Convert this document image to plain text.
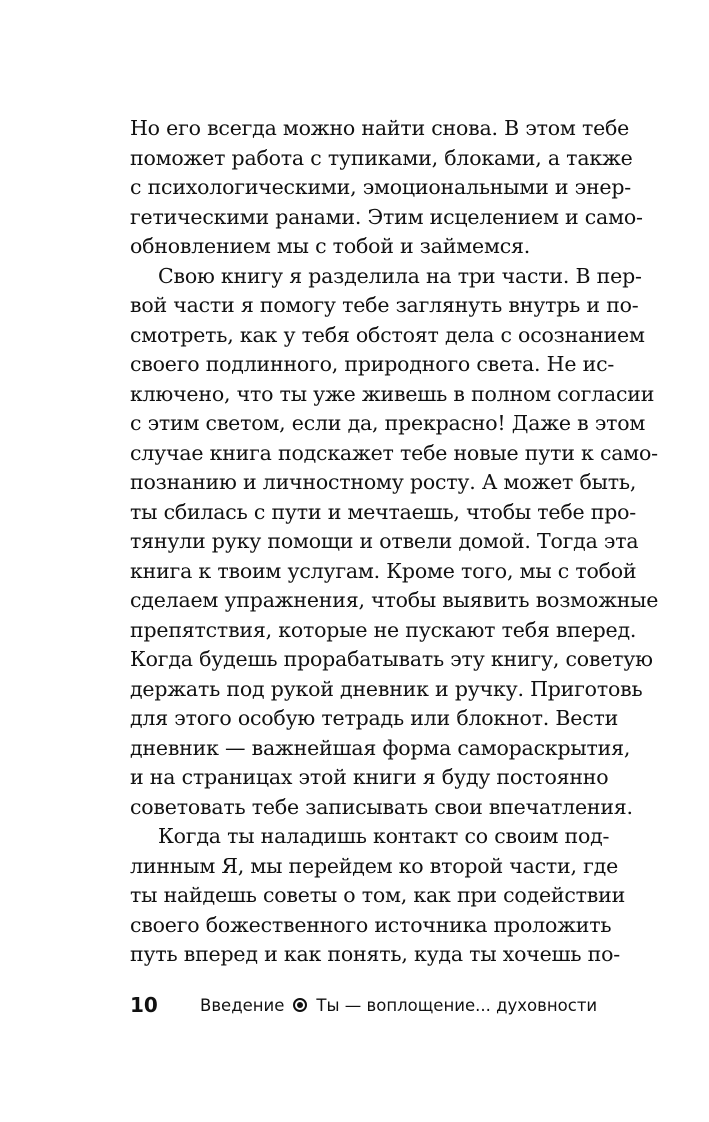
Но его всегда можно найти снова. В этом тебе
поможет работа с тупиками, блоками, а также
с психологическими, эмоциональными и энер-
гетическими ранами. Этим исцелением и само-
обновлением мы с тобой и займемся.
Свою книгу я разделила на три части. В пер-
вой части я помогу тебе заглянуть внутрь и по-
смотреть, как у тебя обстоят дела с осознанием
своего подлинного, природного света. Не ис-
ключено, что ты уже живешь в полном согласии
с этим светом, если да, прекрасно! Даже в этом
случае книга подскажет тебе новые пути к само-
познанию и личностному росту. А может быть,
ты сбилась с пути и мечтаешь, чтобы тебе про-
тянули руку помощи и отвели домой. Тогда эта
книга к твоим услугам. Кроме того, мы с тобой
сделаем упражнения, чтобы выявить возможные
препятствия, которые не пускают тебя вперед.
Когда будешь прорабатывать эту книгу, советую
держать под рукой дневник и ручку. Приготовь
для этого особую тетрадь или блокнот. Вести
дневник — важнейшая форма самораскрытия,
и на страницах этой книги я буду постоянно
советовать тебе записывать свои впечатления.
Когда ты наладишь контакт со своим под-
линным Я, мы перейдем ко второй части, где
ты найдешь советы о том, как при содействии
своего божественного источника проложить
путь вперед и как понять, куда ты хочешь по-
10	Введение Ты — воплощение... духовности
